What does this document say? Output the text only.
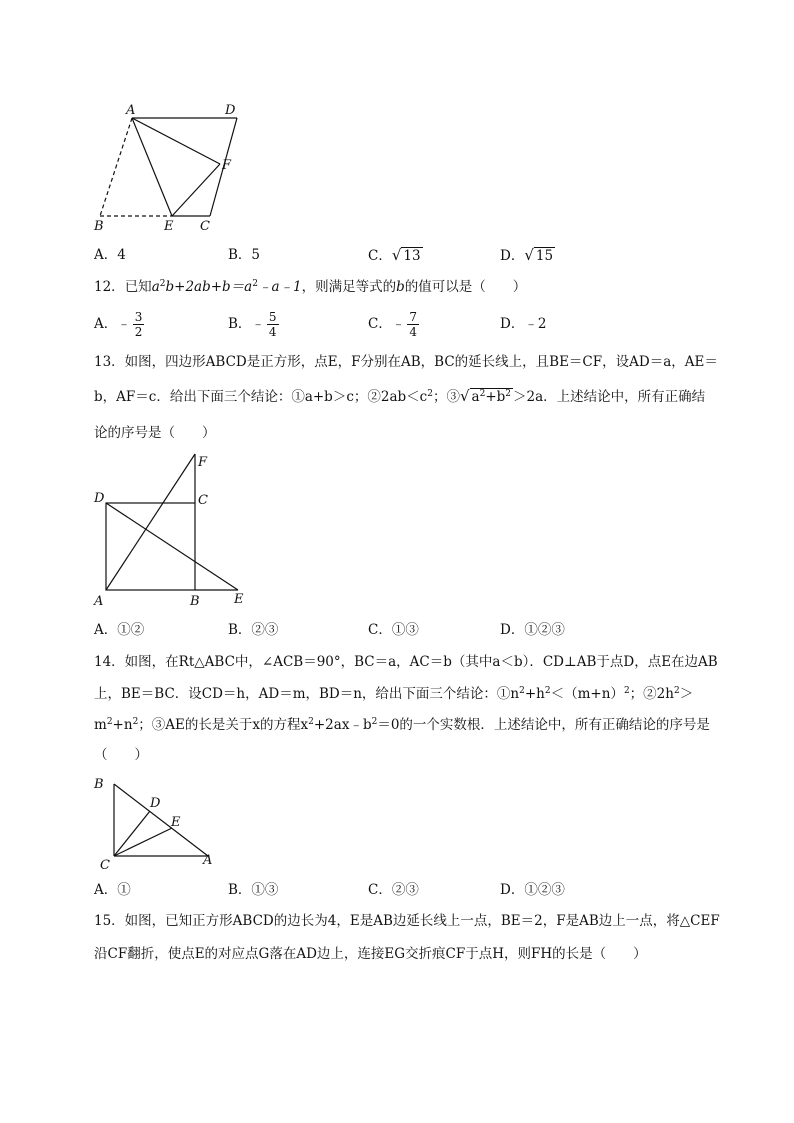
A	D
F
B	E C
A．4	B．5	C．√ 13	D．√ 15
12．已知$a^2b+2ab+b=a^2﹣a﹣1$，则满足等式的b的值可以是（　　）
A．﹣ $\frac{3}{2}$	B．﹣ $\frac{5}{4}$	C．﹣ $\frac{7}{4}$	D．﹣2
13．如图，四边形ABCD是正方形，点E，F分别在AB，BC的延长线上，且BE＝CF，设AD＝a，AE＝
b，AF＝c．给出下面三个结论：①a+b＞c；$②2ab<c^2$；③√ $a^2+b^2 >2a$．上述结论中，所有正确结
论的序号是（　　）
F
D	C
A	B	E
A．①②	B．②③	C．①③	D．①②③
14．如图，在Rt△ABC中，∠ACB＝90°，BC＝a，AC＝b（其中a＜b）．CD⊥AB于点D，点E在边AB
上，BE＝BC．设CD＝h，AD＝m，BD＝n，给出下面三个结论：$①n^2+h^2<(m+n)^2$；$②2h^2>$
$m^2+n^2$；③AE的长是关于x的方程$x^2+2ax﹣b^2=0$的一个实数根．上述结论中，所有正确结论的序号是
（　　）
B
D
E
C	A
A．①	B．①③	C．②③	D．①②③
15．如图，已知正方形ABCD的边长为4，E是AB边延长线上一点，BE＝2，F是AB边上一点，将△CEF
沿CF翻折，使点E的对应点G落在AD边上，连接EG交折痕CF于点H，则FH的长是（　　）
